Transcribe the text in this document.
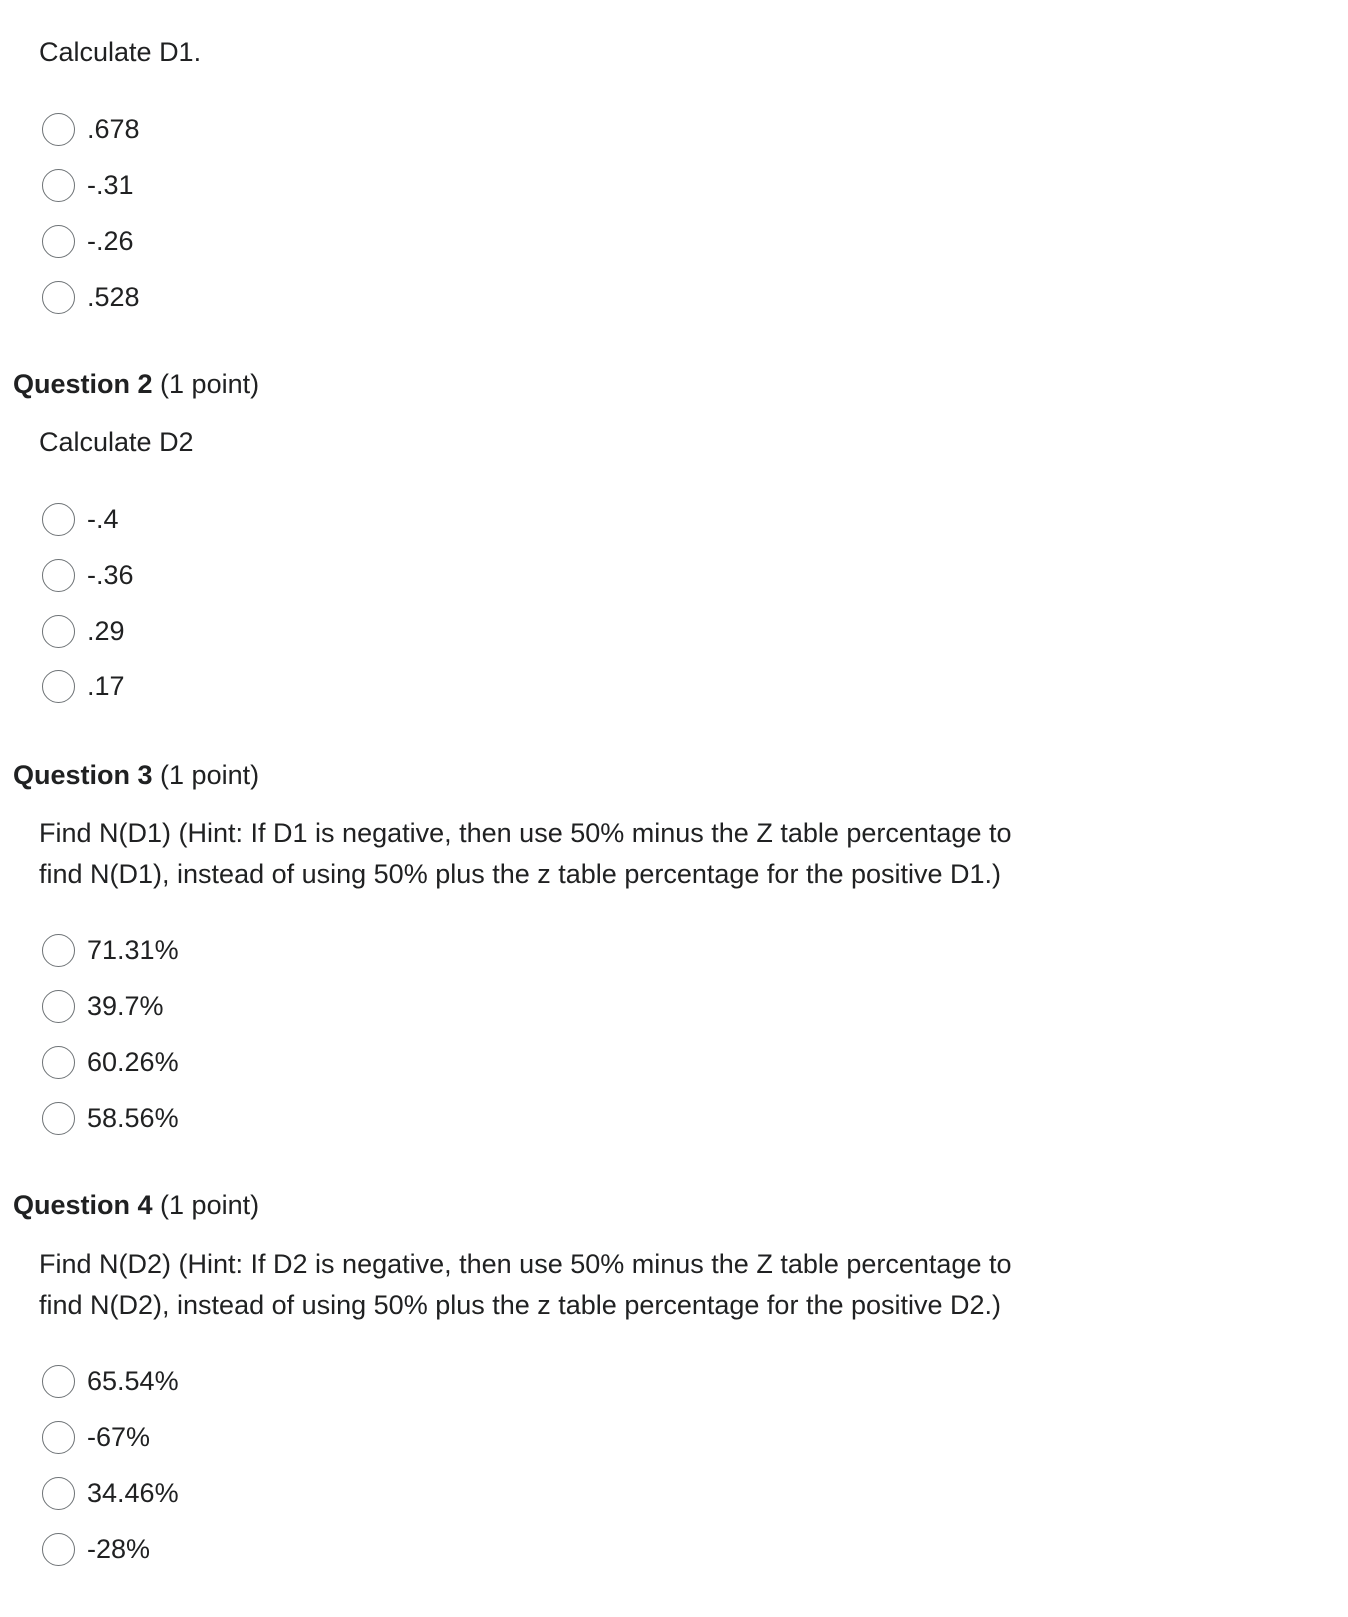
Calculate D1.
.678
-.31
-.26
.528
Question 2 (1 point)
Calculate D2
-.4
-.36
.29
.17
Question 3 (1 point)
Find N(D1) (Hint: If D1 is negative, then use 50% minus the Z table percentage to
find N(D1), instead of using 50% plus the z table percentage for the positive D1.)
71.31%
39.7%
60.26%
58.56%
Question 4 (1 point)
Find N(D2) (Hint: If D2 is negative, then use 50% minus the Z table percentage to
find N(D2), instead of using 50% plus the z table percentage for the positive D2.)
65.54%
-67%
34.46%
-28%
